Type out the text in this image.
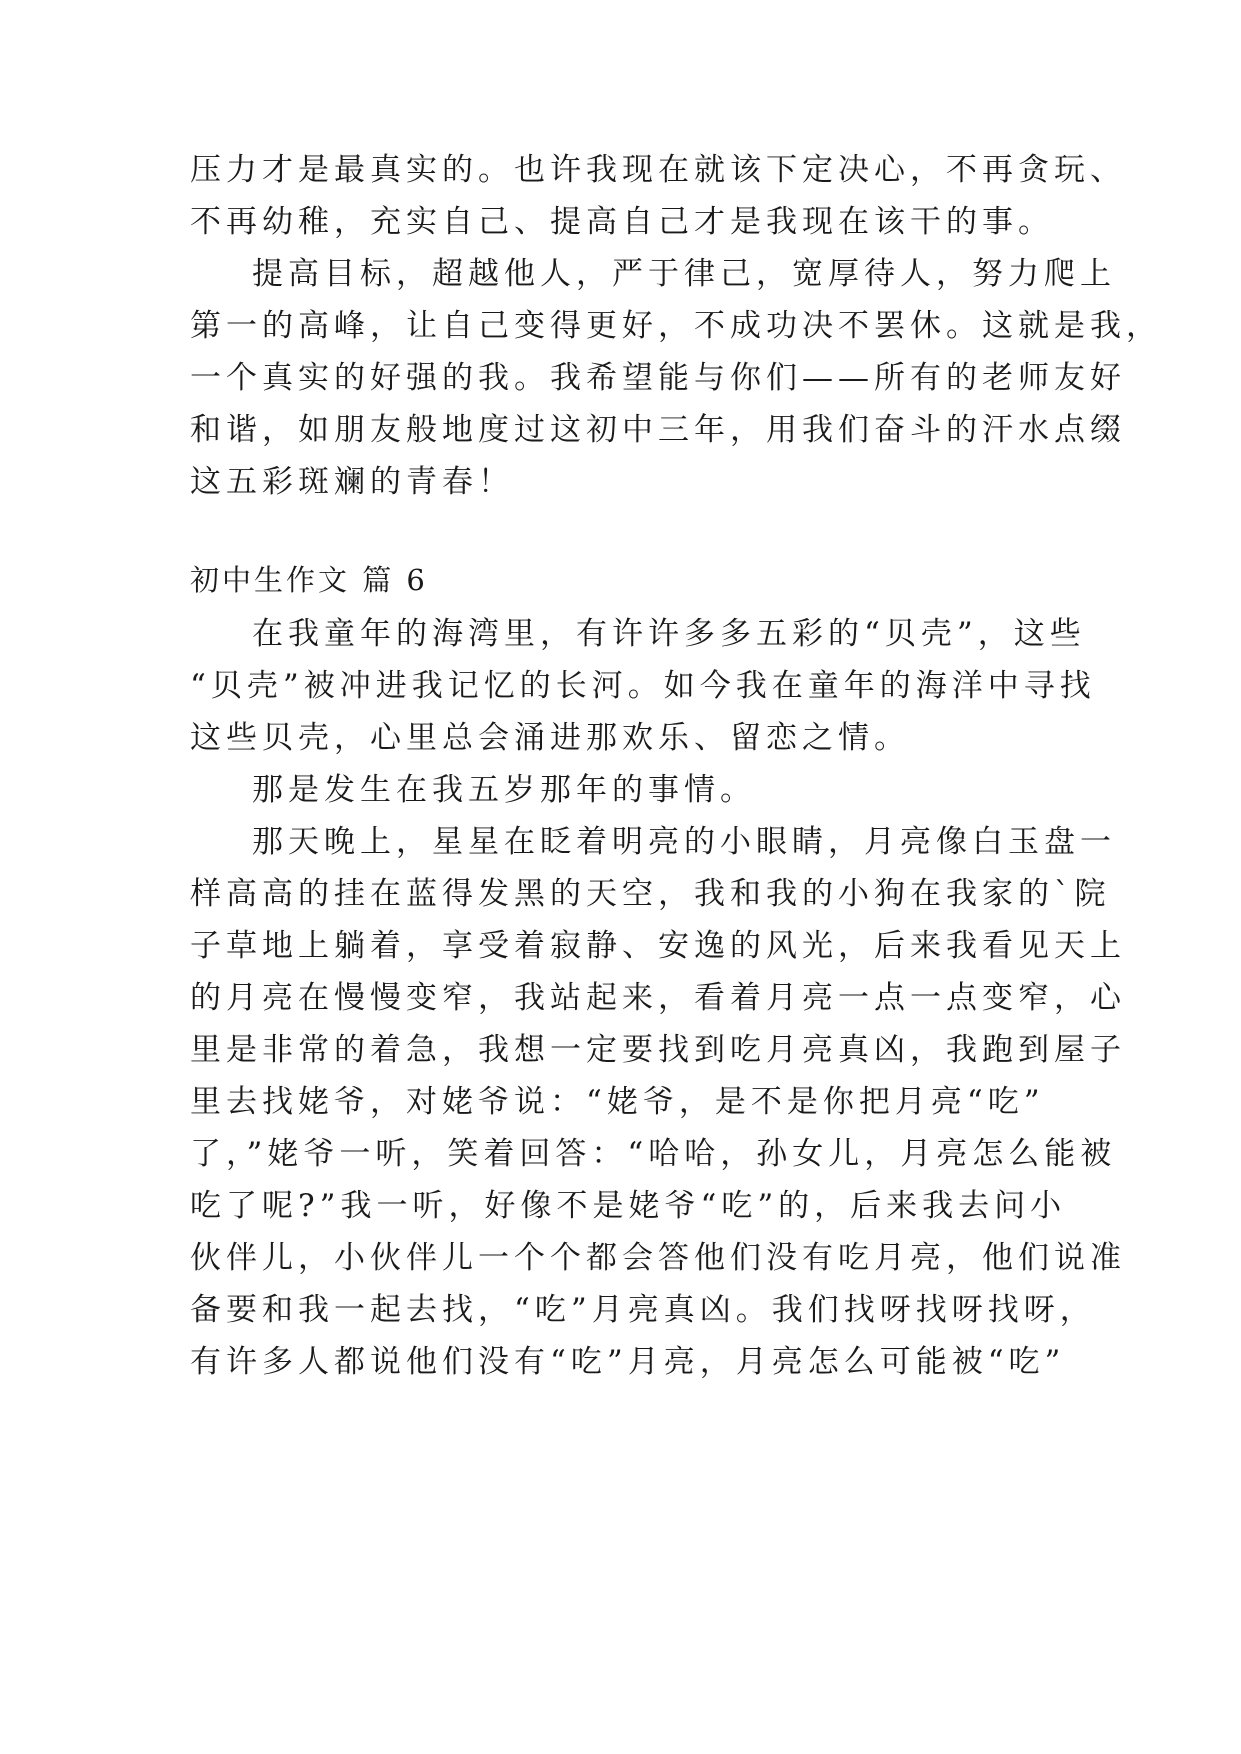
压力才是最真实的。也许我现在就该下定决心，不再贪玩、
不再幼稚，充实自己、提高自己才是我现在该干的事。
提高目标，超越他人，严于律己，宽厚待人，努力爬上
第一的高峰，让自己变得更好，不成功决不罢休。这就是我，
一个真实的好强的我。我希望能与你们——所有的老师友好
和谐，如朋友般地度过这初中三年，用我们奋斗的汗水点缀
这五彩斑斓的青春！
初中生作文 篇 6
在我童年的海湾里，有许许多多五彩的“贝壳”，这些
“贝壳”被冲进我记忆的长河。如今我在童年的海洋中寻找
这些贝壳，心里总会涌进那欢乐、留恋之情。
那是发生在我五岁那年的事情。
那天晚上，星星在眨着明亮的小眼睛，月亮像白玉盘一
样高高的挂在蓝得发黑的天空，我和我的小狗在我家的`院
子草地上躺着，享受着寂静、安逸的风光，后来我看见天上
的月亮在慢慢变窄，我站起来，看着月亮一点一点变窄，心
里是非常的着急，我想一定要找到吃月亮真凶，我跑到屋子
里去找姥爷，对姥爷说：“姥爷，是不是你把月亮“吃”
了，”姥爷一听，笑着回答：“哈哈，孙女儿，月亮怎么能被
吃了呢?”我一听，好像不是姥爷“吃”的，后来我去问小
伙伴儿，小伙伴儿一个个都会答他们没有吃月亮，他们说准
备要和我一起去找，“吃”月亮真凶。我们找呀找呀找呀，
有许多人都说他们没有“吃”月亮，月亮怎么可能被“吃”
